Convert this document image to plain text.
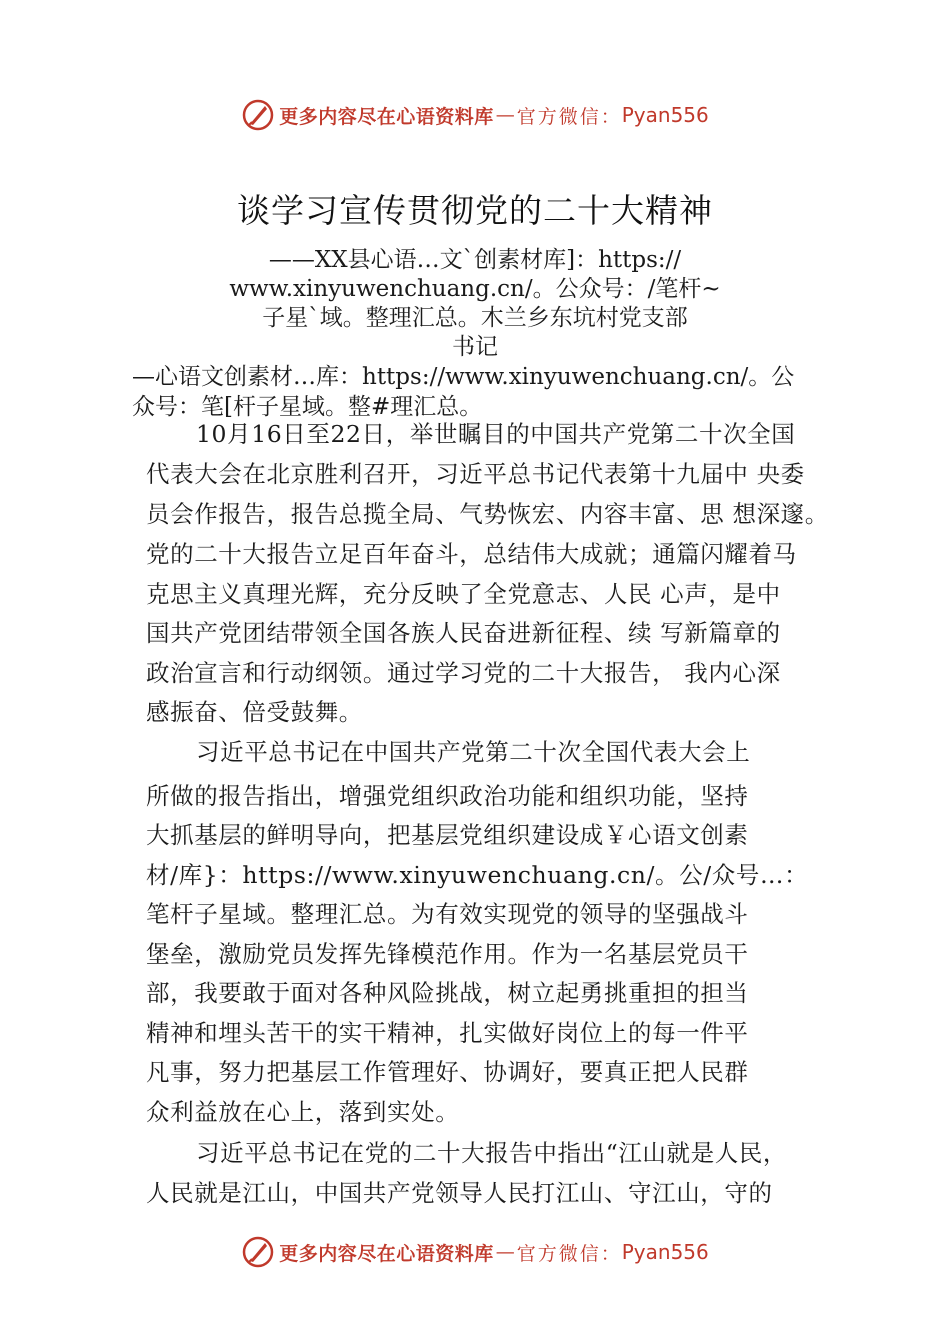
更多内容尽在心语资料库 — 官方微信： Pyan556
谈学习宣传贯彻党的二十大精神
——XX县心语…文`创素材库]：https://
www.xinyuwenchuang.cn/。公众号：/笔杆~
子星`域。整理汇总。木兰乡东坑村党支部
书记
—心语文创素材…库：https://www.xinyuwenchuang.cn/。公
众号：笔[杆子星域。整#理汇总。
10月16日至22日，举世瞩目的中国共产党第二十次全国
代表大会在北京胜利召开，习近平总书记代表第十九届中 央委
员会作报告，报告总揽全局、气势恢宏、内容丰富、思 想深邃。
党的二十大报告立足百年奋斗，总结伟大成就；通篇闪耀着马
克思主义真理光辉，充分反映了全党意志、人民 心声，是中
国共产党团结带领全国各族人民奋进新征程、续 写新篇章的
政治宣言和行动纲领。通过学习党的二十大报告， 我内心深
感振奋、倍受鼓舞。
习近平总书记在中国共产党第二十次全国代表大会上
所做的报告指出，增强党组织政治功能和组织功能，坚持
大抓基层的鲜明导向，把基层党组织建设成￥心语文创素
材/库}：https://www.xinyuwenchuang.cn/。公/众号…：
笔杆子星域。整理汇总。为有效实现党的领导的坚强战斗
堡垒，激励党员发挥先锋模范作用。作为一名基层党员干
部，我要敢于面对各种风险挑战，树立起勇挑重担的担当
精神和埋头苦干的实干精神，扎实做好岗位上的每一件平
凡事，努力把基层工作管理好、协调好，要真正把人民群
众利益放在心上，落到实处。
习近平总书记在党的二十大报告中指出“江山就是人民，
人民就是江山，中国共产党领导人民打江山、守江山，守的
更多内容尽在心语资料库 — 官方微信： Pyan556
